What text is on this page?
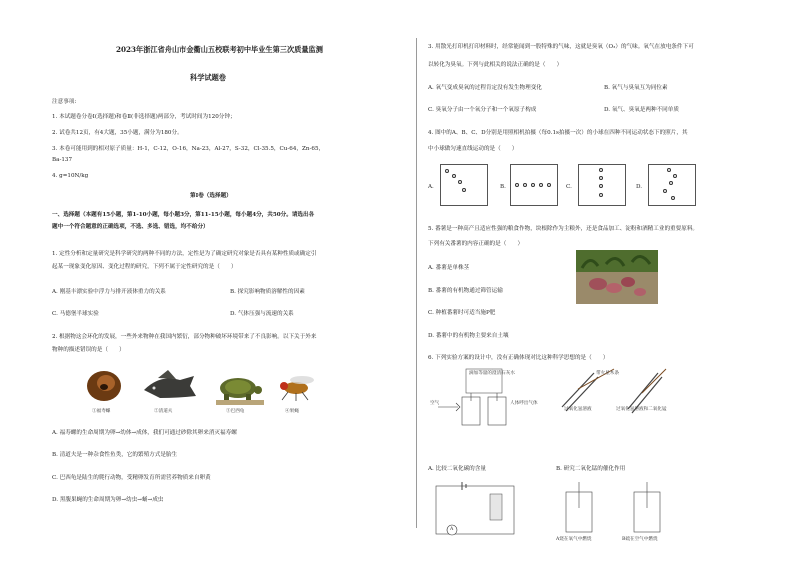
2023年浙江省舟山市金衢山五校联考初中毕业生第三次质量监测
科学试题卷
注意事项:
1. 本试题卷分卷Ⅰ(选择题)和卷Ⅱ(非选择题)两部分，考试时间为120分钟；
2. 试卷共12页，有4大题，35小题，满分为180分。
3. 本卷可能用到的相对原子质量：H-1，C-12，O-16，Na-23，Al-27，S-32，Cl-35.5，Cu-64，Zn-65，
Ba-137
4. g=10N/kg
第Ⅰ卷（选择题）
一、选择题（本题有15小题，第1-10小题，每小题3分，第11-15小题，每小题4分，共50分。请选出各
题中一个符合题意的正确选项，不选、多选、错选，均不给分）
1. 定性分析和定量研究是科学研究的两种不同的方法，定性是为了确定研究对象是否具有某种性质或确定引
起某一现象变化原因、变化过程的研究，下列不属于定性研究的是（　　）
A. 刚基丰漂实验中浮力与排开液体重力的关系	B. 探究影响物质溶解性的因素
C. 马德堡半球实验	D. 气体压强与流速的关系
2. 根据物这会环化的发展，一些外来物种在我国内繁衍，部分物种破坏环境带来了不良影响。以下关于外来
物种的描述错误的是（　　）
①福寿螺	②清道夫	③巴西龟	④果蝇
A. 福寿螺的生命周期为卵→幼体→成体，我们可通过砂除其卵来消灭福寿螺
B. 清道夫是一种杂食性鱼类，它的繁殖方式是胎生
C. 巴西龟是陆生的爬行动物，受精卵发育所需营养物质来自卵黄
D. 黑腹果蝇的生命周期为卵→幼虫→蛹→成虫
3. 用散光打印机打印材料时，经常能闻到一股特殊的气味，这就是臭氧（O₃）的气味。氧气在放电条件下可
以转化为臭氧。下列与此相关的说法正确的是（　　）
A. 氧气变成臭氧的过程肯定没有发生物理变化	B. 氧气与臭氧互为同位素
C. 臭氧分子由一个氧分子和一个氧原子构成	D. 氧气、臭氧是两种不同单质
4. 图中的A、B、C、D分别是用照相机拍摄（每0.1s拍摄一次）的小球在四种不同运动状态下的照片，其
中小球做匀速直线运动的是（　　）
A.	B.	C.	D.
5. 番薯是一种高产且适应性强的粮食作物，块根除作为主粮外，还是食品加工、淀粉和酒精工业的重要原料。
下列有关番薯的内容正确的是（　　）
A. 番薯是单株茎
B. 番薯的有机物通过筛管运输
C. 种植番薯时可适当施P肥
D. 番薯中的有机物主要来自土壤
6. 下列实验方案的设计中，没有正确体现对比这种科学思想的是（　　）
滴加等量的澄清石灰水
空气	人体呼出气体
带火星木条
过氧化氢溶液	过氧化氢溶液和二氧化锰
A. 比较二氧化碳的含量	B. 研究二氧化锰的催化作用
A
A烧在氧气中燃烧	B硫在空气中燃烧
